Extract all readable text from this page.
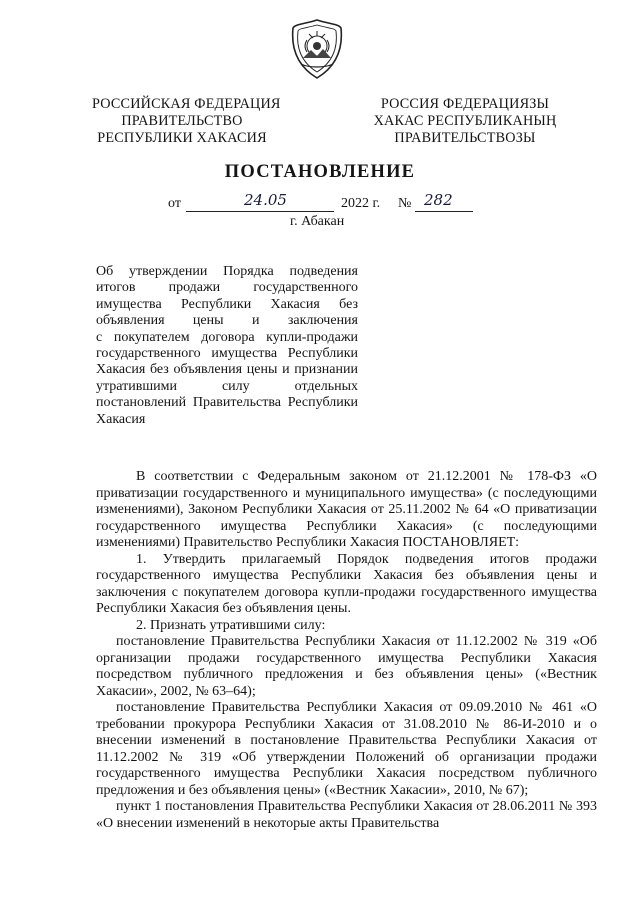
РОССИЙСКАЯ ФЕДЕРАЦИЯ
ПРАВИТЕЛЬСТВО
РЕСПУБЛИКИ ХАКАСИЯ
РОССИЯ ФЕДЕРАЦИЯЗЫ
ХАКАС РЕСПУБЛИКАНЫҢ
ПРАВИТЕЛЬСТВОЗЫ
ПОСТАНОВЛЕНИЕ
от	24.05	2022 г. № 282
г. Абакан
Об утверждении Порядка подведения
итогов продажи государственного
имущества Республики Хакасия без
объявления цены и заключения
с покупателем договора купли-продажи
государственного имущества Республики
Хакасия без объявления цены и признании
утратившими силу отдельных
постановлений Правительства Республики
Хакасия

В соответствии с Федеральным законом от 21.12.2001 № 178-ФЗ «О приватизации государственного и муниципального имущества» (с последующими изменениями), Законом Республики Хакасия от 25.11.2002 № 64 «О приватизации государственного имущества Республики Хакасия» (с последующими изменениями) Правительство Республики Хакасия ПОСТАНОВЛЯЕТ:

1. Утвердить прилагаемый Порядок подведения итогов продажи государственного имущества Республики Хакасия без объявления цены и заключения с покупателем договора купли-продажи государственного имущества Республики Хакасия без объявления цены.

2. Признать утратившими силу:

постановление Правительства Республики Хакасия от 11.12.2002 № 319 «Об организации продажи государственного имущества Республики Хакасия посредством публичного предложения и без объявления цены» («Вестник Хакасии», 2002, № 63–64);

постановление Правительства Республики Хакасия от 09.09.2010 № 461 «О требовании прокурора Республики Хакасия от 31.08.2010 № 86-И-2010 и о внесении изменений в постановление Правительства Республики Хакасия от 11.12.2002 № 319 «Об утверждении Положений об организации продажи государственного имущества Республики Хакасия посредством публичного предложения и без объявления цены» («Вестник Хакасии», 2010, № 67);

пункт 1 постановления Правительства Республики Хакасия от 28.06.2011 № 393 «О внесении изменений в некоторые акты Правительства
